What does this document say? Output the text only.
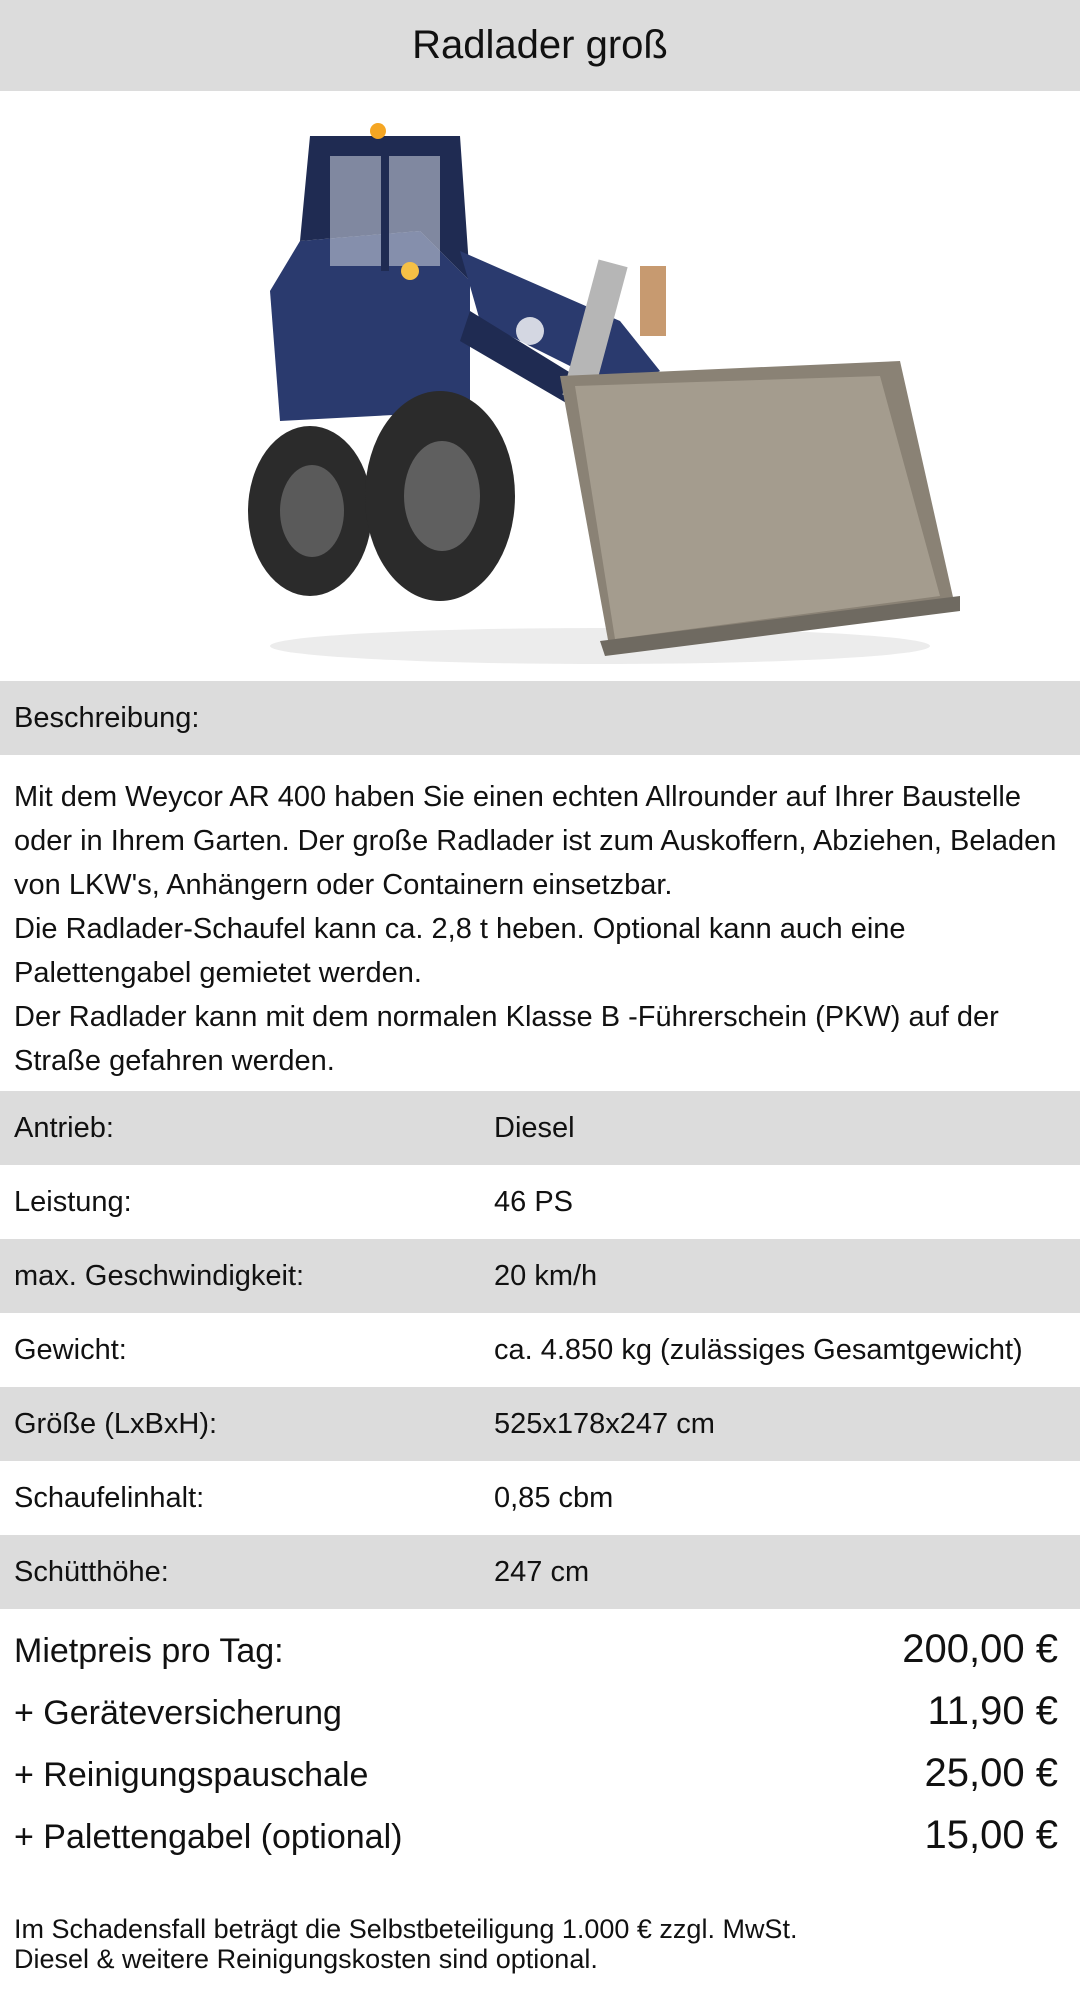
Radlader groß
Beschreibung:

Mit dem Weycor AR 400 haben Sie einen echten Allrounder auf Ihrer Baustelle oder in Ihrem Garten. Der große Radlader ist zum Auskoffern, Abziehen, Beladen von LKW's, Anhängern oder Containern einsetzbar.

Die Radlader-Schaufel kann ca. 2,8 t heben. Optional kann auch eine Palettengabel gemietet werden.

Der Radlader kann mit dem normalen Klasse B -Führerschein (PKW) auf der Straße gefahren werden.

Antrieb:	Diesel
Leistung:	46 PS
max. Geschwindigkeit:	20 km/h
Gewicht:	ca. 4.850 kg (zulässiges Gesamtgewicht)
Größe (LxBxH):	525x178x247 cm
Schaufelinhalt:	0,85 cbm
Schütthöhe:	247 cm
Mietpreis pro Tag:	200,00 €
+ Geräteversicherung	11,90 €
+ Reinigungspauschale	25,00 €
+ Palettengabel (optional)	15,00 €

Im Schadensfall beträgt die Selbstbeteiligung 1.000 € zzgl. MwSt.

Diesel & weitere Reinigungskosten sind optional.
